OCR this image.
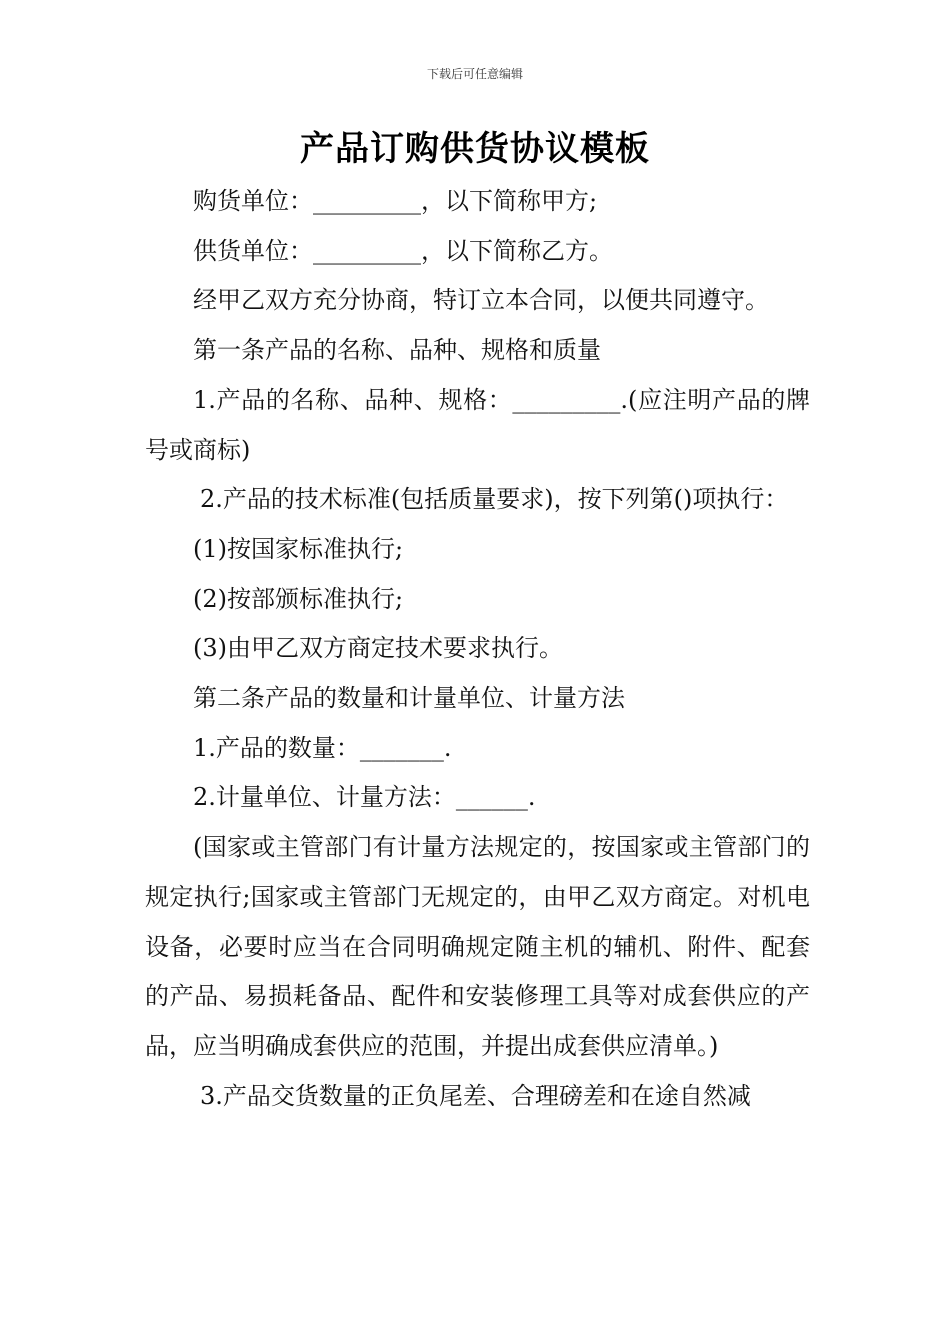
下载后可任意编辑
产品订购供货协议模板

购货单位：_________，以下简称甲方;

供货单位：_________，以下简称乙方。

经甲乙双方充分协商，特订立本合同，以便共同遵守。

第一条产品的名称、品种、规格和质量

1.产品的名称、品种、规格：_________.(应注明产品的牌号或商标)

2.产品的技术标准(包括质量要求)，按下列第()项执行：

(1)按国家标准执行;

(2)按部颁标准执行;

(3)由甲乙双方商定技术要求执行。

第二条产品的数量和计量单位、计量方法

1.产品的数量：_______.

2.计量单位、计量方法：______.

(国家或主管部门有计量方法规定的，按国家或主管部门的规定执行;国家或主管部门无规定的，由甲乙双方商定。对机电设备，必要时应当在合同明确规定随主机的辅机、附件、配套的产品、易损耗备品、配件和安装修理工具等对成套供应的产品，应当明确成套供应的范围，并提出成套供应清单。)

3.产品交货数量的正负尾差、合理磅差和在途自然减
